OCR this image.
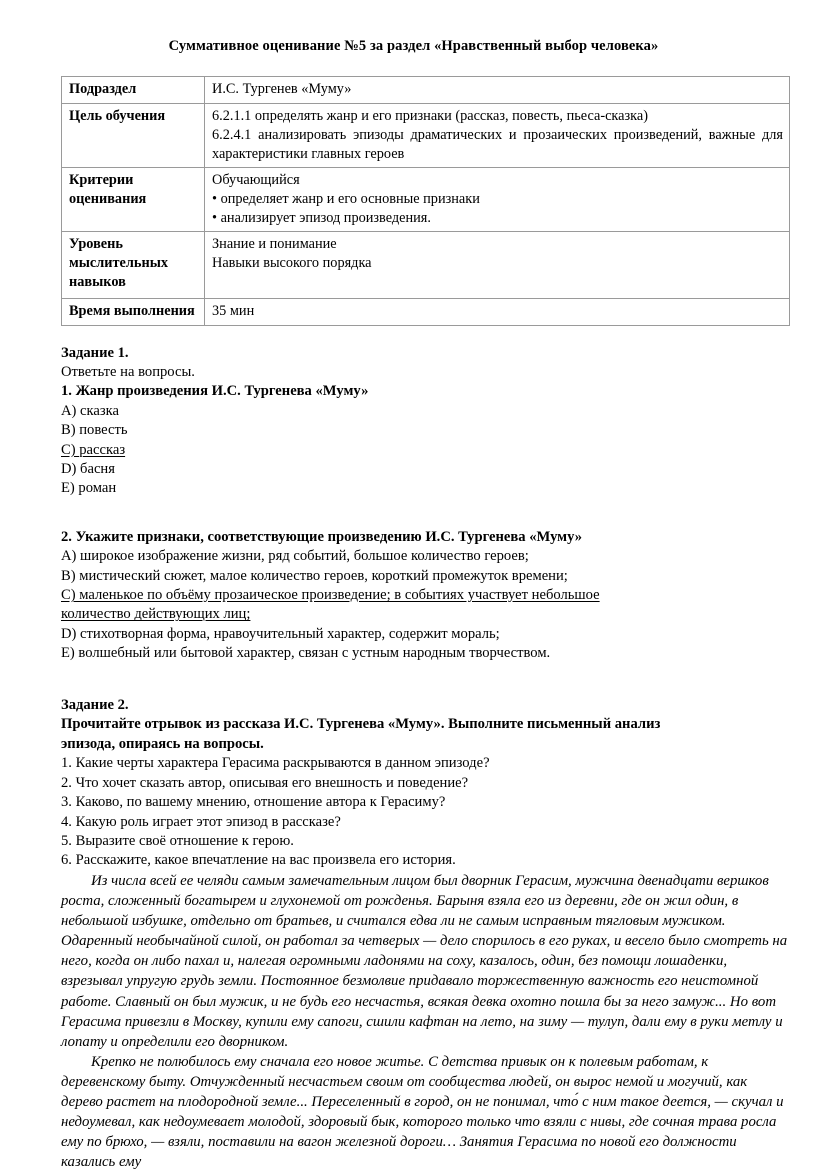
Суммативное оценивание №5 за раздел «Нравственный выбор человека»
Подраздел	И.С. Тургенев «Муму»

Цель обучения	6.2.1.1 определять жанр и его признаки (рассказ, повесть, пьеса-сказка)
6.2.4.1 анализировать эпизоды драматических и прозаических произведений, важные для характеристики главных героев

Критерии оценивания	Обучающийся
• определяет жанр и его основные признаки
• анализирует эпизод произведения.

Уровень мыслительных навыков	Знание и понимание
Навыки высокого порядка

Время выполнения	35 мин

Задание 1.

Ответьте на вопросы.

1. Жанр произведения И.С. Тургенева «Муму»

A) сказка

B) повесть

C) рассказ

D) басня

E) роман

2. Укажите признаки, соответствующие произведению И.С. Тургенева «Муму»

A) широкое изображение жизни, ряд событий, большое количество героев;

B) мистический сюжет, малое количество героев, короткий промежуток времени;

C) маленькое по объёму прозаическое произведение; в событиях участвует небольшое
количество действующих лиц;

D) стихотворная форма, нравоучительный характер, содержит мораль;

E) волшебный или бытовой характер, связан с устным народным творчеством.

Задание 2.

Прочитайте отрывок из рассказа И.С. Тургенева «Муму». Выполните письменный анализ

эпизода, опираясь на вопросы.

1. Какие черты характера Герасима раскрываются в данном эпизоде?

2. Что хочет сказать автор, описывая его внешность и поведение?

3. Каково, по вашему мнению, отношение автора к Герасиму?

4. Какую роль играет этот эпизод в рассказе?

5. Выразите своё отношение к герою.

6. Расскажите, какое впечатление на вас произвела его история.

Из числа всей ее челяди самым замечательным лицом был дворник Герасим, мужчина двенадцати вершков роста, сложенный богатырем и глухонемой от рожденья. Барыня взяла его из деревни, где он жил один, в небольшой избушке, отдельно от братьев, и считался едва ли не самым исправным тягловым мужиком. Одаренный необычайной силой, он работал за четверых — дело спорилось в его руках, и весело было смотреть на него, когда он либо пахал и, налегая огромными ладонями на соху, казалось, один, без помощи лошаденки, взрезывал упругую грудь земли. Постоянное безмолвие придавало торжественную важность его неистомной работе. Славный он был мужик, и не будь его несчастья, всякая девка охотно пошла бы за него замуж... Но вот Герасима привезли в Москву, купили ему сапоги, сшили кафтан на лето, на зиму — тулуп, дали ему в руки метлу и лопату и определили его дворником.

Крепко не полюбилось ему сначала его новое житье. С детства привык он к полевым работам, к деревенскому быту. Отчужденный несчастьем своим от сообщества людей, он вырос немой и могучий, как дерево растет на плодородной земле... Переселенный в город, он не понимал, что́ с ним такое деется, — скучал и недоумевал, как недоумевает молодой, здоровый бык, которого только что взяли с нивы, где сочная трава росла ему по брюхо, — взяли, поставили на вагон железной дороги… Занятия Герасима по новой его должности казались ему
